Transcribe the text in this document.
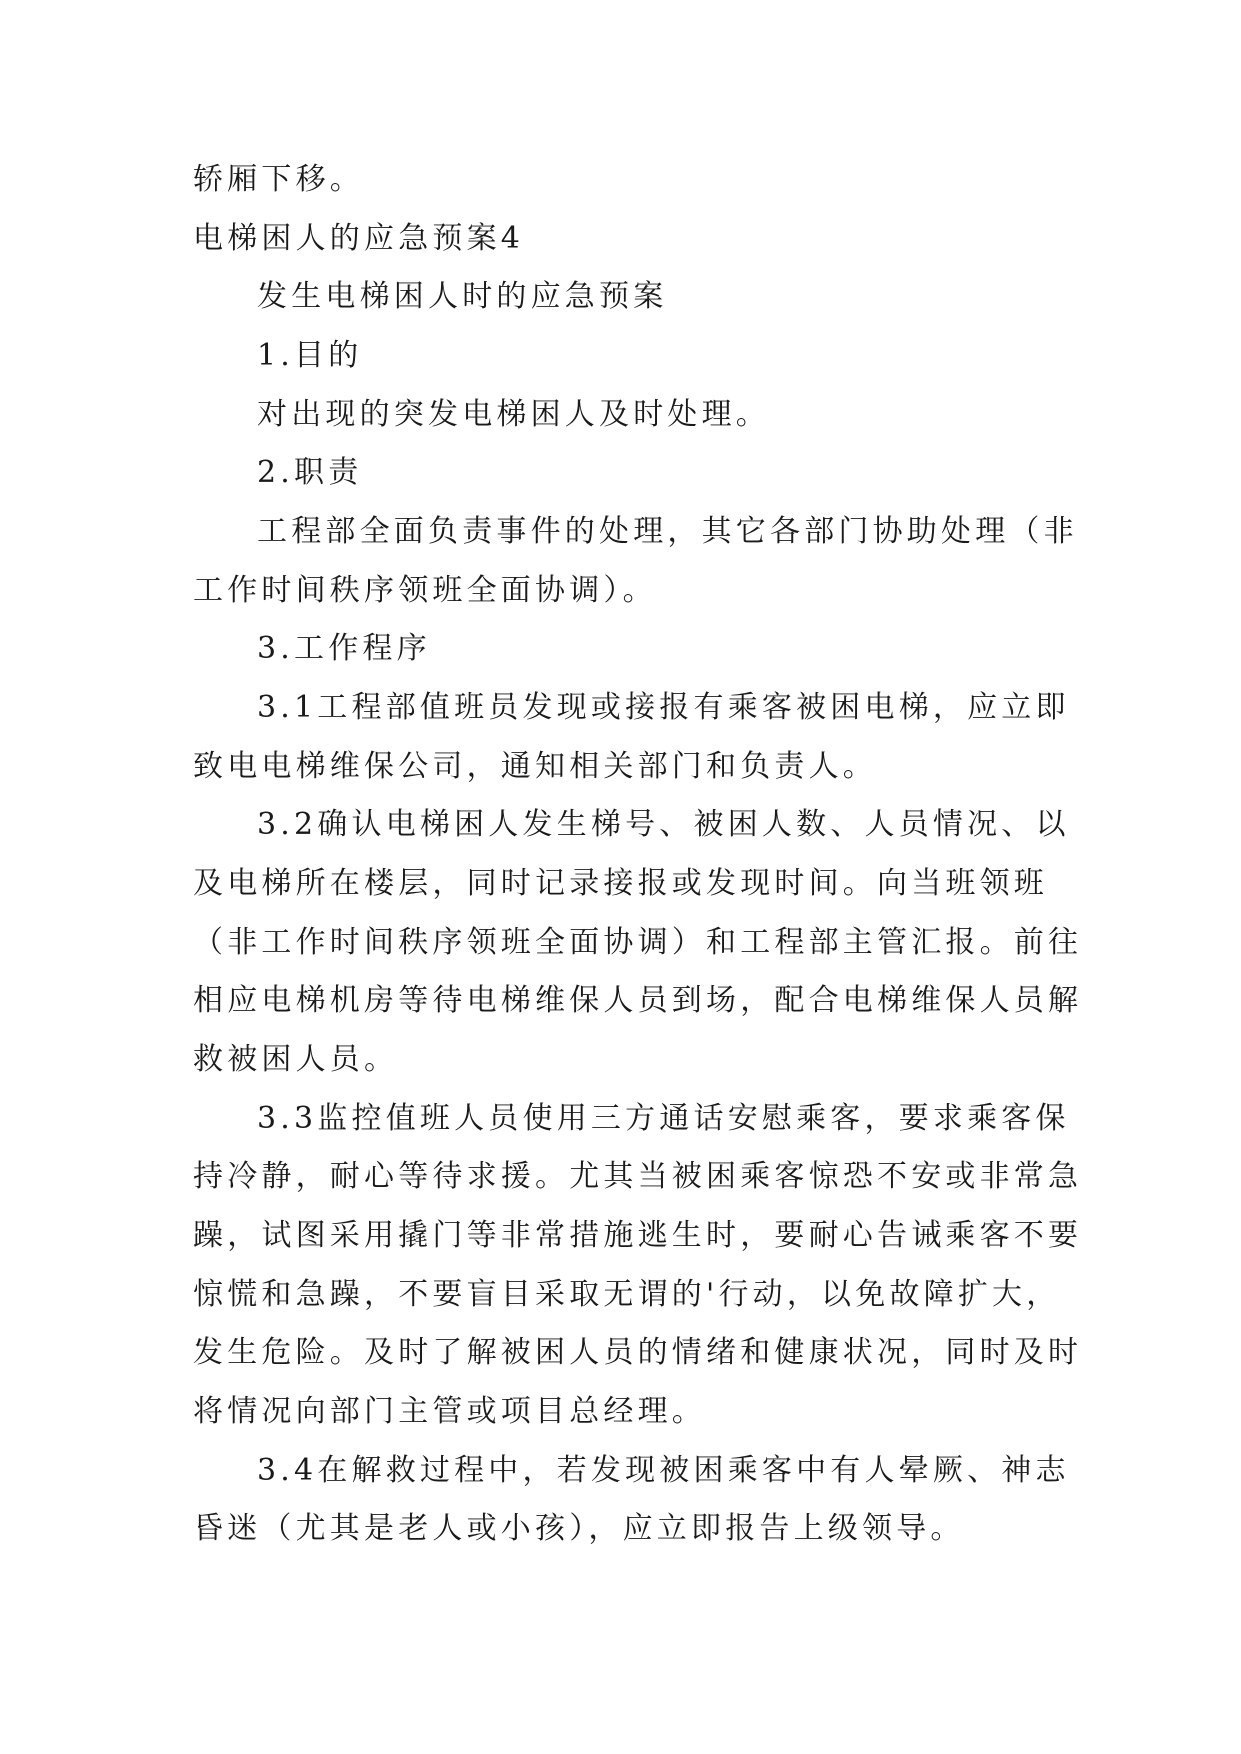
轿厢下移。
电梯困人的应急预案4
发生电梯困人时的应急预案
1.目的
对出现的突发电梯困人及时处理。
2.职责
工程部全面负责事件的处理，其它各部门协助处理（非
工作时间秩序领班全面协调）。
3.工作程序
3.1工程部值班员发现或接报有乘客被困电梯，应立即
致电电梯维保公司，通知相关部门和负责人。
3.2确认电梯困人发生梯号、被困人数、人员情况、以
及电梯所在楼层，同时记录接报或发现时间。向当班领班
（非工作时间秩序领班全面协调）和工程部主管汇报。前往
相应电梯机房等待电梯维保人员到场，配合电梯维保人员解
救被困人员。
3.3监控值班人员使用三方通话安慰乘客，要求乘客保
持冷静，耐心等待求援。尤其当被困乘客惊恐不安或非常急
躁，试图采用撬门等非常措施逃生时，要耐心告诫乘客不要
惊慌和急躁，不要盲目采取无谓的'行动，以免故障扩大，
发生危险。及时了解被困人员的情绪和健康状况，同时及时
将情况向部门主管或项目总经理。
3.4在解救过程中，若发现被困乘客中有人晕厥、神志
昏迷（尤其是老人或小孩），应立即报告上级领导。
